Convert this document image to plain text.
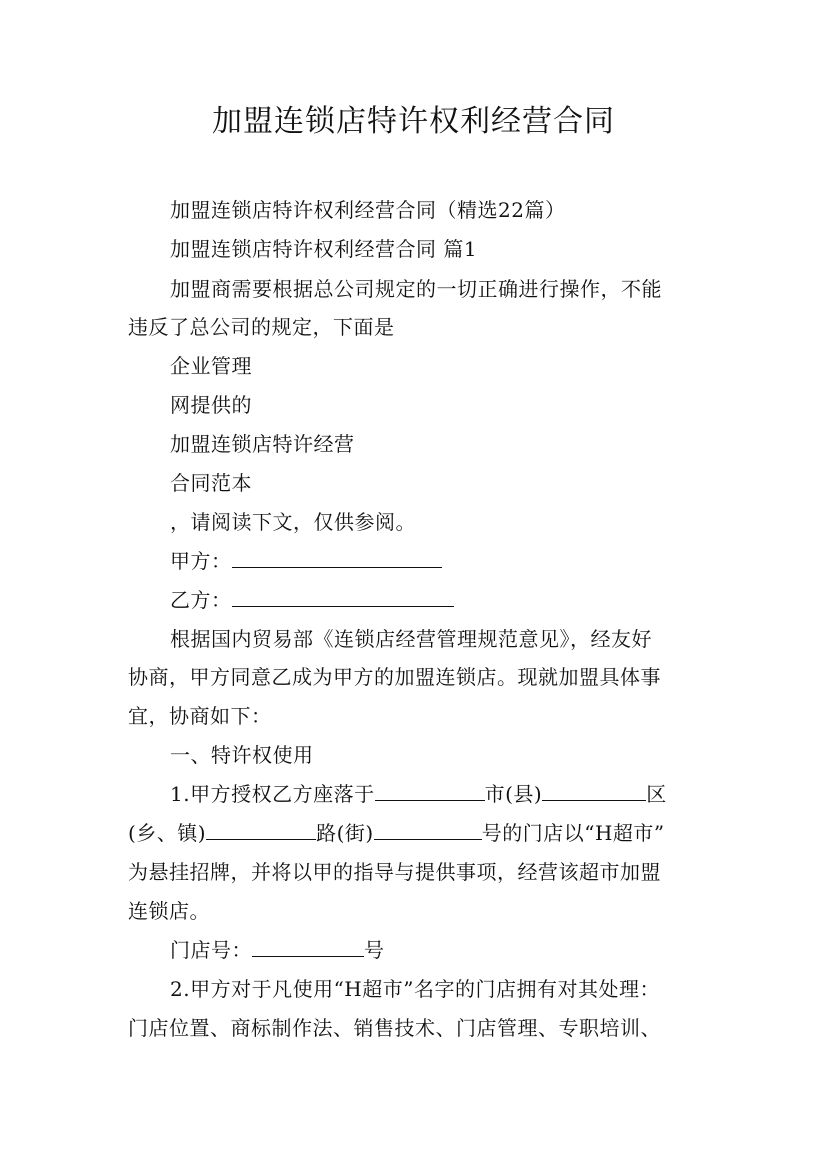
加盟连锁店特许权利经营合同
加盟连锁店特许权利经营合同（精选22篇）
加盟连锁店特许权利经营合同 篇1
加盟商需要根据总公司规定的一切正确进行操作，不能
违反了总公司的规定，下面是
企业管理
网提供的
加盟连锁店特许经营
合同范本
，请阅读下文，仅供参阅。
甲方：
乙方：
根据国内贸易部《连锁店经营管理规范意见》，经友好
协商，甲方同意乙成为甲方的加盟连锁店。现就加盟具体事
宜，协商如下：
一、特许权使用
1.甲方授权乙方座落于	市(县)	区
(乡、镇)	路(街)	号的门店以“H超市”
为悬挂招牌，并将以甲的指导与提供事项，经营该超市加盟
连锁店。
门店号：	号
2.甲方对于凡使用“H超市”名字的门店拥有对其处理：
门店位置、商标制作法、销售技术、门店管理、专职培训、
